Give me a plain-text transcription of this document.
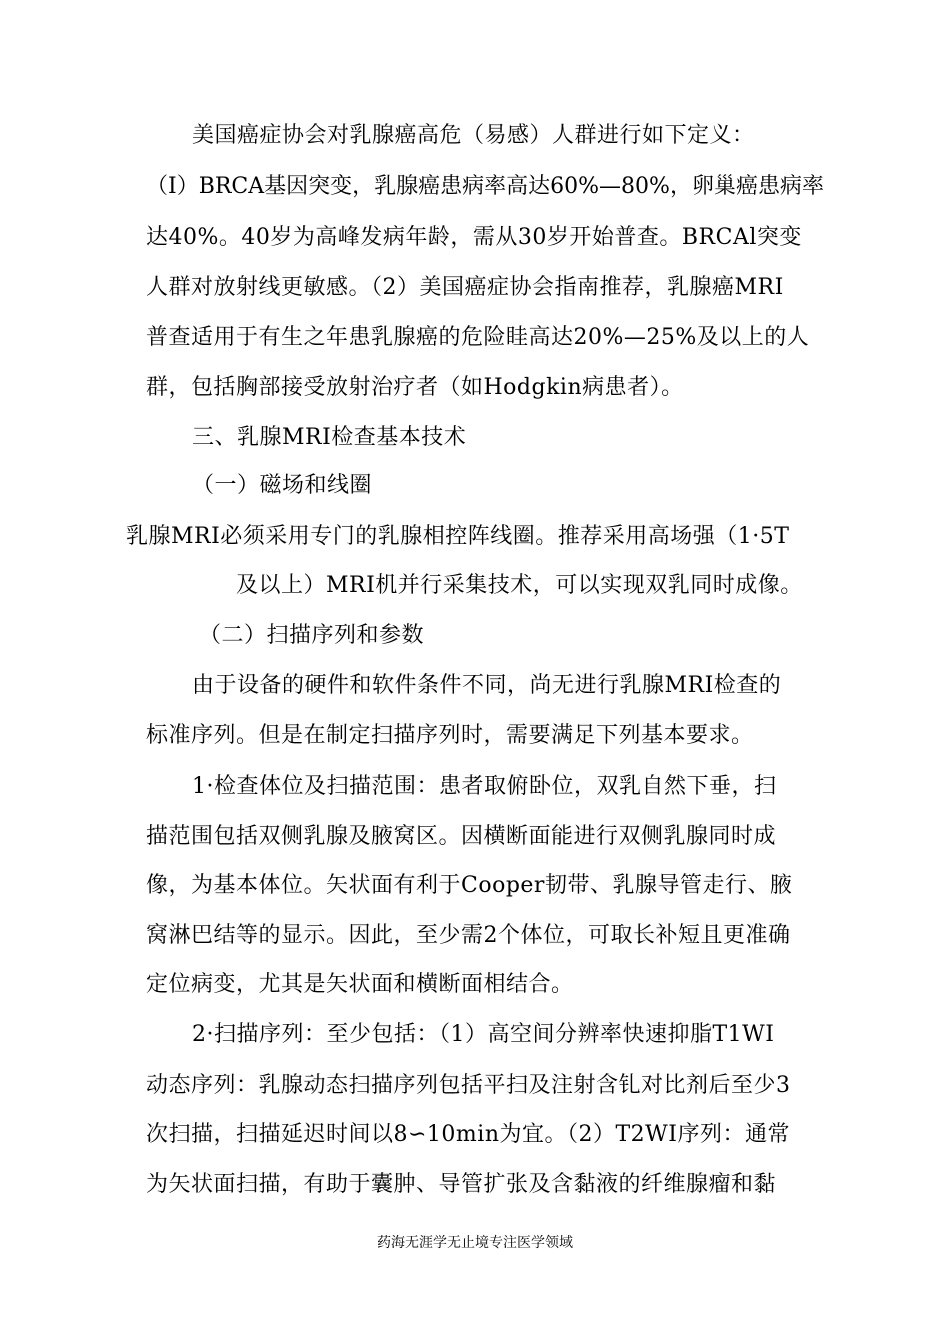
美国癌症协会对乳腺癌高危（易感）人群进行如下定义：
（I）BRCA基因突变，乳腺癌患病率高达60%—80%，卵巢癌患病率
达40%。40岁为高峰发病年龄，需从30岁开始普查。BRCAl突变
人群对放射线更敏感。（2）美国癌症协会指南推荐，乳腺癌MRI
普查适用于有生之年患乳腺癌的危险眭高达20%—25%及以上的人
群，包括胸部接受放射治疗者（如Hodgkin病患者）。
三、乳腺MRI检查基本技术
（一）磁场和线圈
乳腺MRI必须采用专门的乳腺相控阵线圈。推荐采用高场强（1·5T
及以上）MRI机并行采集技术，可以实现双乳同时成像。
（二）扫描序列和参数
由于设备的硬件和软件条件不同，尚无进行乳腺MRI检查的
标准序列。但是在制定扫描序列时，需要满足下列基本要求。
1·检查体位及扫描范围：患者取俯卧位，双乳自然下垂，扫
描范围包括双侧乳腺及腋窝区。因横断面能进行双侧乳腺同时成
像，为基本体位。矢状面有利于Cooper韧带、乳腺导管走行、腋
窝淋巴结等的显示。因此，至少需2个体位，可取长补短且更准确
定位病变，尤其是矢状面和横断面相结合。
2·扫描序列：至少包括：（1）高空间分辨率快速抑脂T1WI
动态序列：乳腺动态扫描序列包括平扫及注射含钆对比剂后至少3
次扫描，扫描延迟时间以8∽10min为宜。（2）T2WI序列：通常
为矢状面扫描，有助于囊肿、导管扩张及含黏液的纤维腺瘤和黏
药海无涯学无止境专注医学领域
